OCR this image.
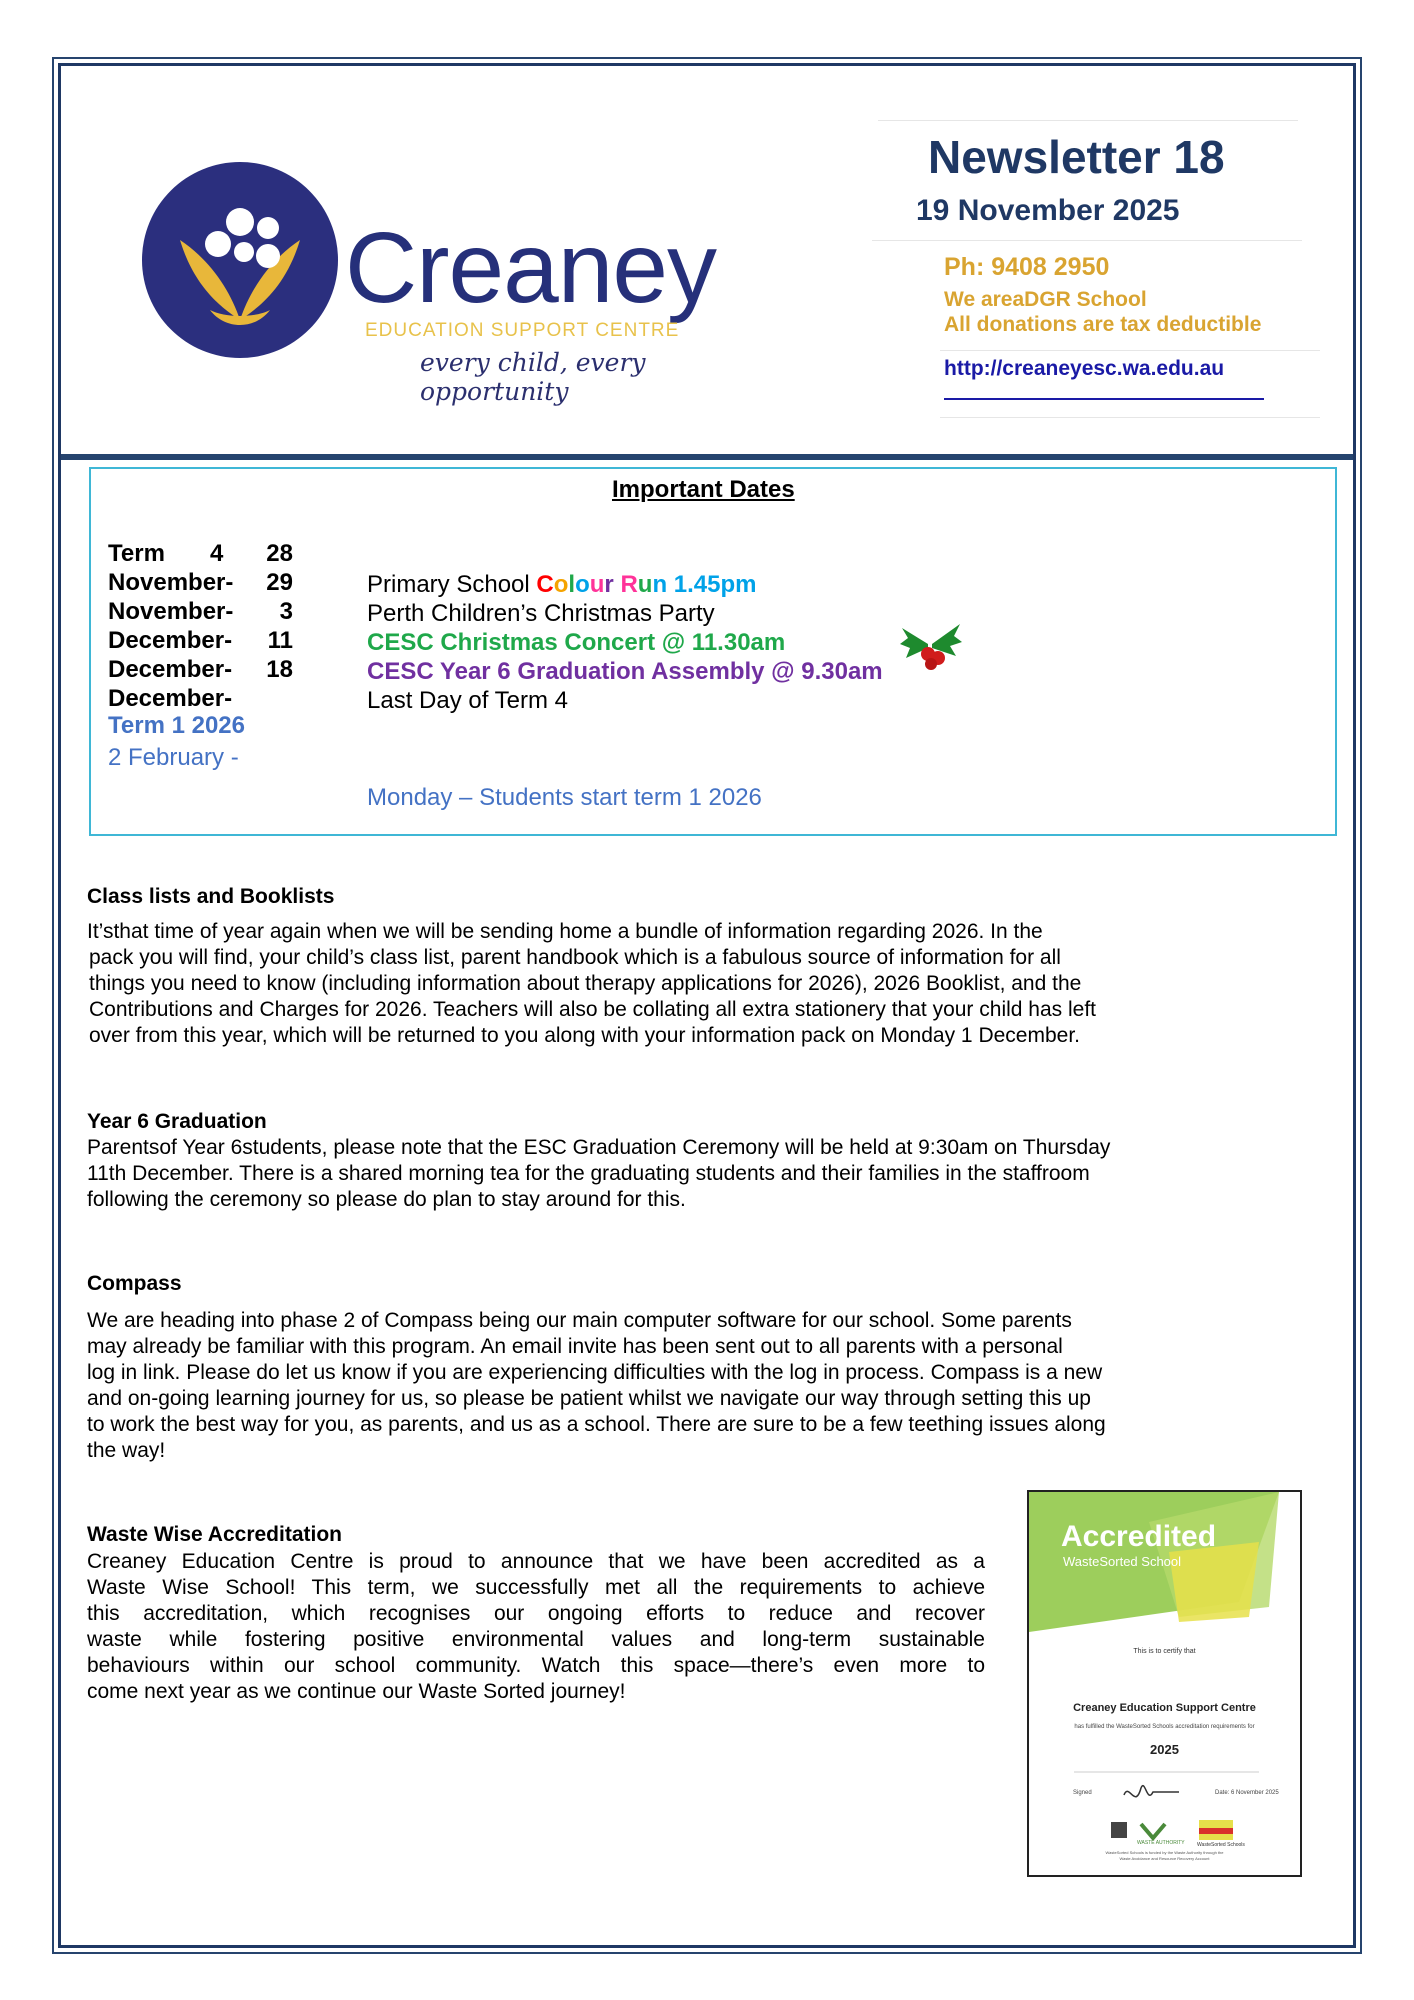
Creaney
EDUCATION SUPPORT CENTRE
every child, every opportunity
Newsletter 18
19 November 2025
Ph: 9408 2950
We areaDGR School
All donations are tax deductible
http://creaneyesc.wa.edu.au
Important Dates
Term 4 28
November- 29
November- 3
December- 11
December- 18
December-
Primary School Colour Run 1.45pm
Perth Children’s Christmas Party
CESC Christmas Concert @ 11.30am
CESC Year 6 Graduation Assembly @ 9.30am
Last Day of Term 4
Term 1 2026
2 February -
Monday – Students start term 1 2026
Class lists and Booklists
It’sthat time of year again when we will be sending home a bundle of information regarding 2026. In the
pack you will find, your child’s class list, parent handbook which is a fabulous source of information for all
things you need to know (including information about therapy applications for 2026), 2026 Booklist, and the
Contributions and Charges for 2026. Teachers will also be collating all extra stationery that your child has left
over from this year, which will be returned to you along with your information pack on Monday 1 December.
Year 6 Graduation
Parentsof Year 6students, please note that the ESC Graduation Ceremony will be held at 9:30am on Thursday
11th December. There is a shared morning tea for the graduating students and their families in the staffroom
following the ceremony so please do plan to stay around for this.
Compass
We are heading into phase 2 of Compass being our main computer software for our school. Some parents
may already be familiar with this program. An email invite has been sent out to all parents with a personal
log in link. Please do let us know if you are experiencing difficulties with the log in process. Compass is a new
and on-going learning journey for us, so please be patient whilst we navigate our way through setting this up
to work the best way for you, as parents, and us as a school. There are sure to be a few teething issues along
the way!
Waste Wise Accreditation
Creaney Education Centre is proud to announce that we have been accredited as a
Waste Wise School! This term, we successfully met all the requirements to achieve
this accreditation, which recognises our ongoing efforts to reduce and recover
waste while fostering positive environmental values and long-term sustainable
behaviours within our school community. Watch this space—there’s even more to
come next year as we continue our Waste Sorted journey!
Accredited
WasteSorted School
This is to certify that
Creaney Education Support Centre
has fulfilled the WasteSorted Schools accreditation requirements for
2025
Signed	Date: 6 November 2025
WASTE AUTHORITY WasteSorted Schools
WasteSorted Schools is funded by the Waste Authority through the
Waste Avoidance and Resource Recovery Account
